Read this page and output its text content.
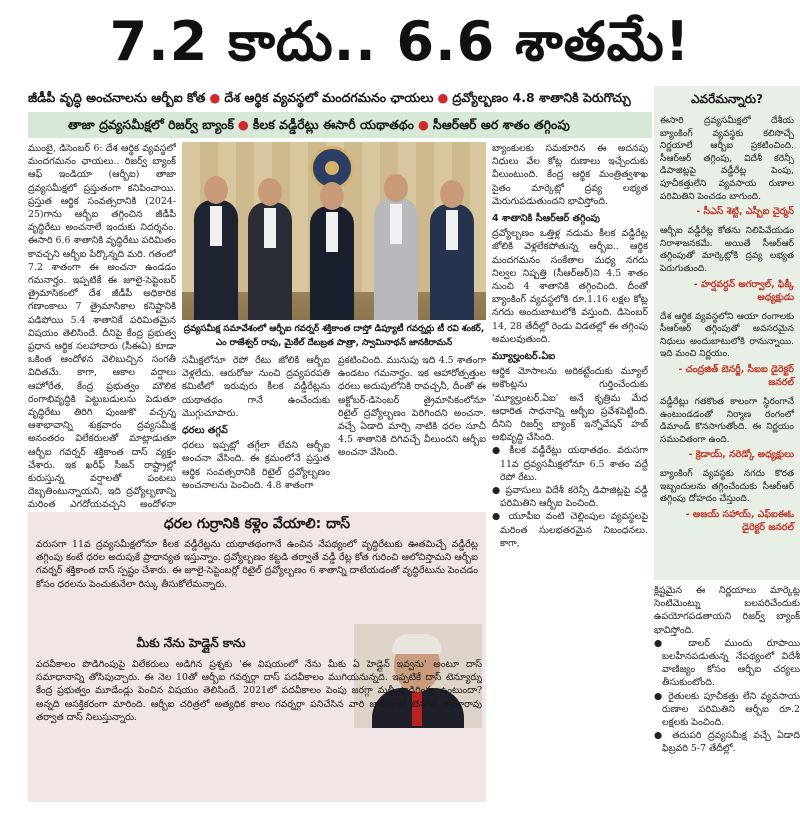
7.2 కాదు.. 6.6 శాతమే!
జీడీపీ వృద్ధి అంచనాలను ఆర్బీఐ కోత ● దేశ ఆర్థిక వ్యవస్థలో మందగమనం ఛాయలు ● ద్రవ్యోల్బణం 4.8 శాతానికి పెరుగొచ్చు
తాజా ద్రవ్యసమీక్షలో రిజర్వ్ బ్యాంక్ ● కీలక వడ్డీరేట్లు ఈసారీ యథాతథం ● సీఆర్ఆర్ అర శాతం తగ్గింపు
ముంబై, డిసెంబర్ 6: దేశ ఆర్థిక వ్యవస్థలో మందగమనం ఛాయలు.. రిజర్వ్ బ్యాంక్ ఆఫ్ ఇండియా (ఆర్బీఐ) తాజా ద్రవ్యసమీక్షలో ప్రస్తుతంగా కనిపించాయి. ప్రస్తుత ఆర్థిక సంవత్సరానికి (2024-25)గాను ఆర్బీఐ తగ్గించిన జీడీపీ వృద్ధిరేటు అంచనాలే ఇందుకు నిదర్శనం. ఈసారి 6.6 శాతానికి వృద్ధిరేటు పరిమితం కావచ్చని ఆర్బీఐ పేర్కొన్నది మరి. గతంలో 7.2 శాతంగా ఈ అంచనా ఉండడం గమనార్హం. ఇప్పటికే ఈ జూలై-సెప్టెంబర్ త్రైమాసికంలో దేశ జీడీపీ అధికారిక గణాంకాలు 7 త్రైమాసికాల కనిష్టానికి పడిపోయి 5.4 శాతానికే పరిమితమైన విషయం తెలిసిందే. దీనిపై కేంద్ర ప్రభుత్వ ప్రధాన ఆర్థిక సలహాదారు (సీఈఏ) కూడా ఒకింత ఆందోళన వెలిబుచ్చిన సంగతీ విదితమే. కాగా, ఆకాల వర్షాలు ఆహోరేత, కేంద్ర ప్రభుత్వం మౌలిక రంగాభివృద్ధికి పెట్టుబడులను పెడుతూ వృద్ధిరేటు తిరిగి పుంజుకొ వచ్చన్న ఆశాభావాన్ని శుక్రవారం ద్రవ్యసమీక్ష అనంతరం విలేకరులతో మాట్లాడుతూ ఆర్బీఐ గవర్నర్ శక్తికాంత దాస్ వ్యక్తం చేశారు. ఇక ఖరీఫ్ సీజన్ రాష్ట్రాల్లో కురుస్తున్న వర్షాలతో పంటలు దెబ్బతింటున్నాయని, ఇది ద్రవ్యోల్బణాన్ని మరింత ఎగదోయవచ్చని అందోళనా
ద్రవ్యసమీక్ష సమావేశంలో ఆర్బీఐ గవర్నర్ శక్తికాంత దాస్తో డిప్యూటీ గవర్నర్లు టీ రవి శంకర్, ఎం రాజేశ్వర్ రావు, మైకేల్ దేబబ్రత పాత్రా, స్వామినాథన్ జానకిరామన్
సమీక్షలోనూ రెపో రేటు జోలికి ఆర్బీఐ వెళ్లలేదు. ఆరురోజు నుంచి ద్రవ్యపరపతి కమిటీలో ఇరువురు కీలక వడ్డీరేట్లను యథాతథం గానే ఉంచేందుకు మొగ్గుచూపారు.
ధరలు తగ్గవ్
ధరలు ఇప్పట్లో తగ్గేలా లేవని ఆర్బీఐ అంచనా వేసింది. ఈ క్రమంలోనే ప్రస్తుత ఆర్థిక సంవత్సరానికి రిటైల్ ద్రవ్యోల్బణం అంచనాలను పెంచింది. 4.8 శాతంగా
ప్రకటించింది. మునుపు ఇది 4.5 శాతంగా ఉండటం గమనార్హం. ఇక ఆహారోత్పత్తుల ధరలు అదుపులోనికి రావచ్చనీ, దీంతో ఈ అక్టోబర్-డిసెంబర్ త్రైమాసికంలోనూ రిటైల్ ద్రవ్యోల్బణం పెరిగిందని అంచనా. వచ్చే ఏడాది మార్చి నాటికి ధరల సూచీ 4.5 శాతానికి దిగివచ్చే వీలుందని ఆర్బీఐ అంచనా వేసింది.
బ్యాంకులకు సమకూరిన ఈ అదనపు నిధులు వేల కోట్ల రుణాలు ఇచ్చేందుకు వీలుంటుంది. కేంద్ర ఆర్థిక మంత్రిత్వశాఖ సైతం మార్కెట్లో ద్రవ్య లభ్యత మెరుగుపడుతుందని భావిస్తోంది.
4 శాతానికి సీఆర్ఆర్ తగ్గింపు
ద్రవ్యోల్బణం ఒత్తిళ్ల నడుమ కీలక వడ్డీరేట్ల జోలికి వెళ్లలేకపోతున్న ఆర్బీఐ.. ఆర్థిక మందగమనం సంకేతాల మధ్య నగదు నిల్వల నిష్పత్తి (సీఆర్ఆర్)ని 4.5 శాతం నుంచి 4 శాతానికి తగ్గించింది. దీంతో బ్యాంకింగ్ వ్యవస్థలోకి రూ.1.16 లక్షల కోట్ల నగదు అందుబాటులోకి వస్తుంది. డిసెంబర్ 14, 28 తేదీల్లో రెండు విడతల్లో ఈ తగ్గింపు అమలవుతుంది.
మ్యూల్హంటర్.ఏఐ
ఆర్థిక మోసాలను అరికట్టేందుకు మ్యూల్ అకౌంట్లను గుర్తించేందుకు 'మ్యూల్హంటర్.ఏఐ' అనే కృత్రిమ మేధ ఆధారిత సాధనాన్ని ఆర్బీఐ ప్రవేశపెట్టింది. దీనిని రిజర్వ్ బ్యాంక్ ఇన్నోవేషన్ హబ్ అభివృద్ధి చేసింది.
● కీలక వడ్డీరేట్లు యథాతథం. వరుసగా 11వ ద్రవ్యసమీక్షలోనూ 6.5 శాతం వద్దే రెపో రేటు.
● ప్రవాసులు విదేశీ కరెన్సీ డిపాజిట్లపై వడ్డీ పరిమితిని ఆర్బీఐ పెంచింది.
● యూపీఐ వంటి చెల్లింపుల వ్యవస్థలపై మరింత సులభతరమైన నిబంధనలు. కాగా,
ఎవరేమన్నారు?
ఈసారి ద్రవ్యసమీక్షలో దేశీయ బ్యాంకింగ్ వ్యవస్థకు కలిసొచ్చే నిర్ణయాలే ఆర్బీఐ ప్రకటించింది. సీఆర్ఆర్ తగ్గింపు, విదేశీ కరెన్సీ డిపాజిట్లపై వడ్డీరేట్ల పెంపు, పూచీకత్తులేని వ్యవసాయ రుణాల పరిమితిని పెంచడం బాగుంది.
- సీఎస్ శెట్టి, ఎస్బీఐ చైర్మన్
ఆర్బీఐ వడ్డీరేట్ల కోతను నిలిపివేయడం నిరాశాజనకమే. అయితే సీఆర్ఆర్ తగ్గింపుతో మార్కెట్లోకి ద్రవ్య లభ్యత పెరుగుతుంది.
- హర్షవర్ధన్ అగర్వాల్, ఫిక్కీ అధ్యక్షుడు
దేశ ఆర్థిక వ్యవస్థలోని ఆయా రంగాలకు సీఆర్ఆర్ తగ్గింపుతో అవసరమైన నిధులు అందుబాటులోకి రానున్నాయి. ఇది మంచి నిర్ణయం.
- చంద్రజిత్ బెనర్జీ, సీఐఐ డైరెక్టర్ జనరల్
వడ్డీరేట్లు గతకొంత కాలంగా స్థిరంగానే ఉంటుండడంతో నిర్మాణ రంగంలో డిమాండ్ కొనసాగుతోంది. ఈ నిర్ణయం సముచితంగా ఉంది.
- క్రెడాయ్, నరెడ్కో అధ్యక్షులు
బ్యాంకింగ్ వ్యవస్థకు నగదు కొరత ఇబ్బందులను తగ్గించేందుకు సీఆర్ఆర్ తగ్గింపు దోహదం చేస్తుంది.
- అజయ్ సహాయ్, ఎఫ్ఐఈఓ డైరెక్టర్ జనరల్
క్లిష్టమైన ఈ నిర్ణయాలు మార్కెట్ల సెంటిమెంట్ను బలపరిచేందుకు ఉపయోగపడతాయని రిజర్వ్ బ్యాంక్ భావిస్తోంది.
● డాలర్ ముందు రూపాయి బలహీనపడుతున్న నేపథ్యంలో విదేశీ వాణిజ్యం కోసం ఆర్బీఐ చర్యలు తీసుకుంటోంది.
● రైతులకు పూచీకత్తు లేని వ్యవసాయ రుణాల పరిమితిని ఆర్బీఐ రూ.2 లక్షలకు పెంచింది.
● తదుపరి ద్రవ్యసమీక్ష వచ్చే ఏడాది ఫిబ్రవరి 5-7 తేదీల్లో.
ధరల గుర్రానికి కళ్లెం వేయాలి: దాస్
వరుసగా 11వ ద్రవ్యసమీక్షలోనూ కీలక వడ్డీరేట్లను యథాతథంగానే ఉంచిన నేపథ్యంలో వృద్ధిరేటుకు ఊతమిచ్చే వడ్డీరేట్ల తగ్గింపు కంటే ధరల అదుపుకే ప్రాధాన్యత ఇస్తున్నాం. ద్రవ్యోల్బణం కట్టడి తర్వాతే వడ్డీ రేట్ల కోత గురించి ఆలోచిస్తామని ఆర్బీఐ గవర్నర్ శక్తికాంత దాస్ స్పష్టం చేశారు. ఈ జూలై-సెప్టెంబర్లో రిటైల్ ద్రవ్యోల్బణం 6 శాతాన్ని దాటేయడంతో వృద్ధిరేటును పెంచడం కోసం ధరలను పెంచుకునేలా రిస్కు తీసుకోలేమన్నారు.
మీకు నేను హెడ్లైన్ కాను
పదవీకాలం పొడిగింపుపై విలేకరులు అడిగిన ప్రశ్నకు 'ఈ విషయంలో నేను మీకు ఏ హెడ్లైన్ ఇవ్వను' అంటూ దాస్ సమాధానాన్ని తోసిపుచ్చారు. ఈ నెల 10తో ఆర్బీఐ గవర్నర్గా దాస్ పదవీకాలం ముగియనున్నది. ఇప్పటికే దాస్ టెన్యూర్ను కేంద్ర ప్రభుత్వం మూడేండ్లు పెంచిన విషయం తెలిసిందే. 2021లో పదవీకాలం పెంపు జరగ్గా మళ్లీ పొడిగింపు ఉంటుందా? అన్నది ఆసక్తికరంగా మారింది. ఆర్బీఐ చరిత్రలో అత్యధిక కాలం గవర్నర్గా పనిచేసిన వారి జాబితాలో బెనగల్ రామారావు తర్వాత దాస్ నిలుస్తున్నారు.
